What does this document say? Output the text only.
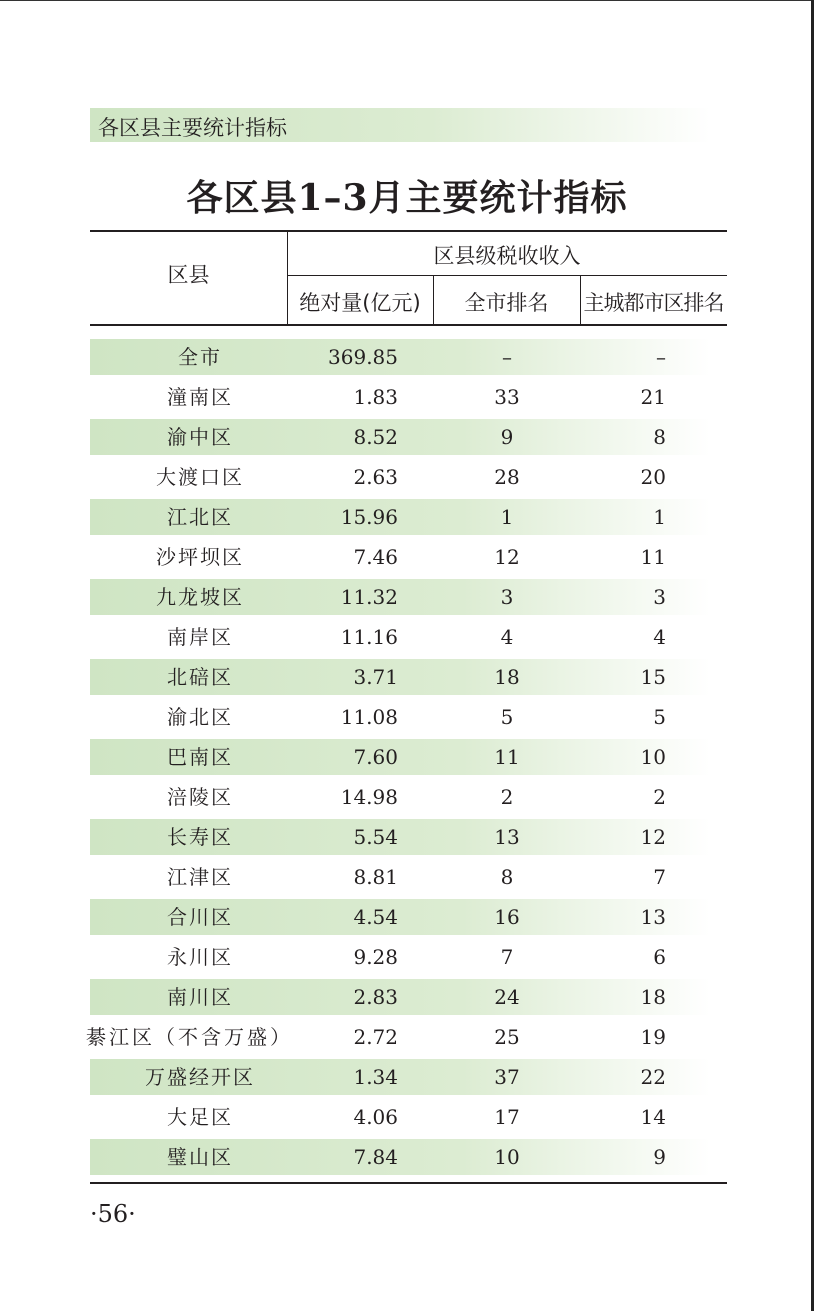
各区县主要统计指标
各区县1–3月主要统计指标
区县
区县级税收收入
绝对量(亿元)	全市排名	主城都市区排名
全市	369.85	–	–
潼南区	1.83	33	21
渝中区	8.52	9	8
大渡口区	2.63	28	20
江北区	15.96	1	1
沙坪坝区	7.46	12	11
九龙坡区	11.32	3	3
南岸区	11.16	4	4
北碚区	3.71	18	15
渝北区	11.08	5	5
巴南区	7.60	11	10
涪陵区	14.98	2	2
长寿区	5.54	13	12
江津区	8.81	8	7
合川区	4.54	16	13
永川区	9.28	7	6
南川区	2.83	24	18
綦江区（不含万盛）	2.72	25	19
万盛经开区	1.34	37	22
大足区	4.06	17	14
璧山区	7.84	10	9
·56·
